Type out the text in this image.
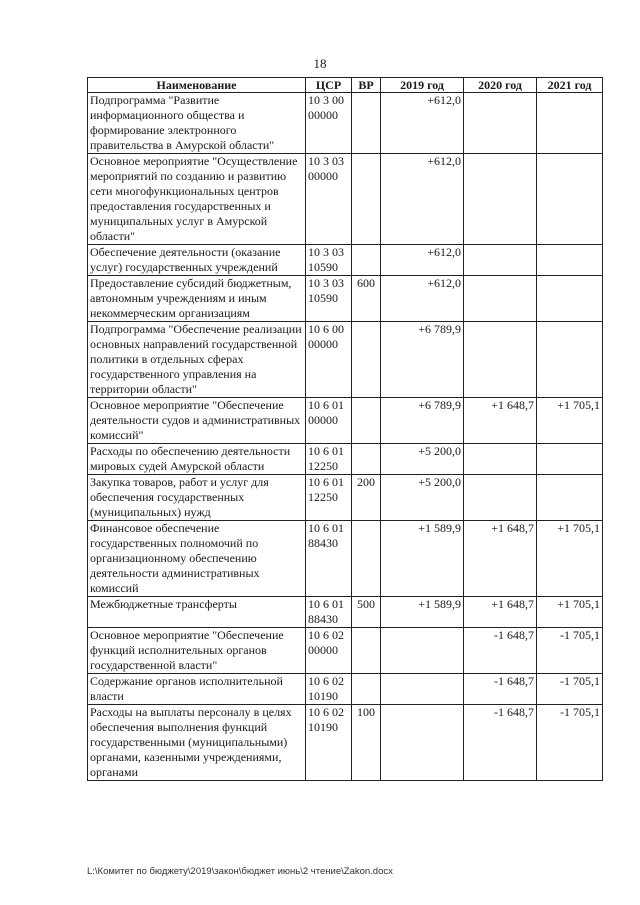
18
Наименование	ЦСР	ВР	2019 год	2020 год	2021 год
Подпрограмма "Развитие информационного общества и формирование электронного правительства в Амурской области"	10 3 00 00000		+612,0		
Основное мероприятие "Осуществление мероприятий по созданию и развитию сети многофункциональных центров предоставления государственных и муниципальных услуг в Амурской области"	10 3 03 00000		+612,0		
Обеспечение деятельности (оказание услуг) государственных учреждений	10 3 03 10590		+612,0		
Предоставление субсидий бюджетным, автономным учреждениям и иным некоммерческим организациям	10 3 03 10590	600	+612,0		
Подпрограмма "Обеспечение реализации основных направлений государственной политики в отдельных сферах государственного управления на территории области"	10 6 00 00000		+6 789,9		
Основное мероприятие "Обеспечение деятельности судов и административных комиссий"	10 6 01 00000		+6 789,9	+1 648,7	+1 705,1
Расходы по обеспечению деятельности мировых судей Амурской области	10 6 01 12250		+5 200,0		
Закупка товаров, работ и услуг для обеспечения государственных (муниципальных) нужд	10 6 01 12250	200	+5 200,0		
Финансовое обеспечение государственных полномочий по организационному обеспечению деятельности административных комиссий	10 6 01 88430		+1 589,9	+1 648,7	+1 705,1
Межбюджетные трансферты	10 6 01 88430	500	+1 589,9	+1 648,7	+1 705,1
Основное мероприятие "Обеспечение функций исполнительных органов государственной власти"	10 6 02 00000			-1 648,7	-1 705,1
Содержание органов исполнительной власти	10 6 02 10190			-1 648,7	-1 705,1
Расходы на выплаты персоналу в целях обеспечения выполнения функций государственными (муниципальными) органами, казенными учреждениями, органами	10 6 02 10190	100		-1 648,7	-1 705,1
L:\Комитет по бюджету\2019\закон\бюджет июнь\2 чтение\Zakon.docx
